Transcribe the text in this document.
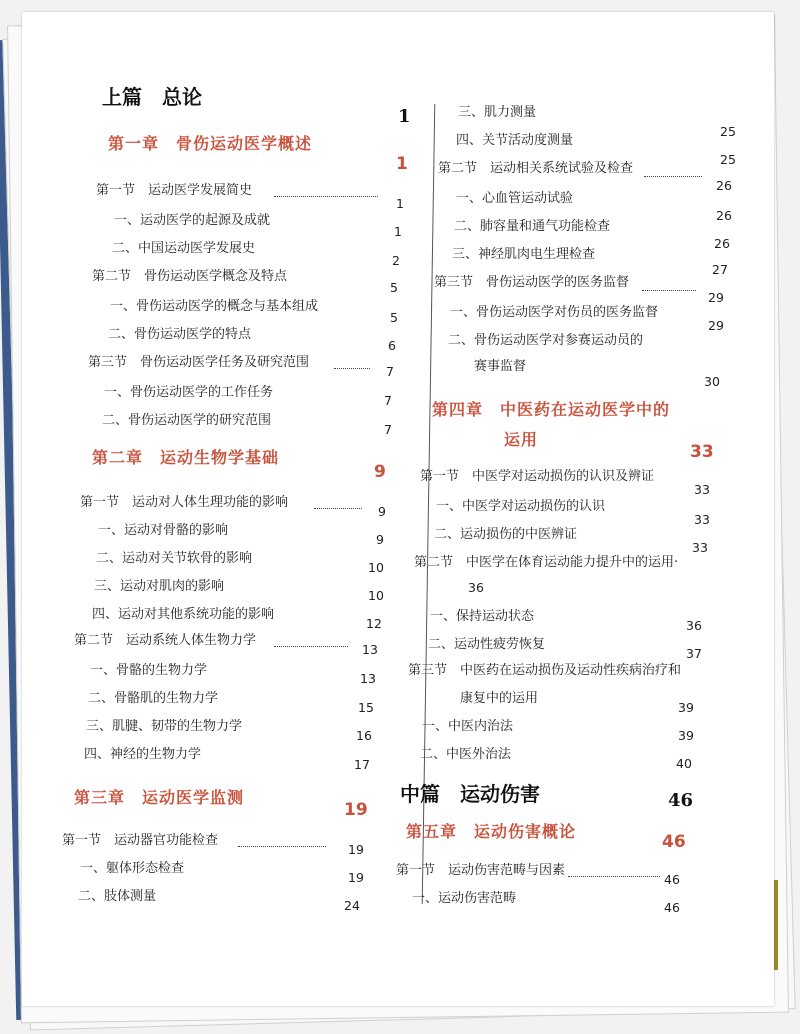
上篇　总论
1
第一章　骨伤运动医学概述
1
第一节　运动医学发展简史
1
一、运动医学的起源及成就
1
二、中国运动医学发展史
2
第二节　骨伤运动医学概念及特点
5
一、骨伤运动医学的概念与基本组成
5
二、骨伤运动医学的特点
6
第三节　骨伤运动医学任务及研究范围
7
一、骨伤运动医学的工作任务
7
二、骨伤运动医学的研究范围
7
第二章　运动生物学基础
9
第一节　运动对人体生理功能的影响
9
一、运动对骨骼的影响
9
二、运动对关节软骨的影响
10
三、运动对肌肉的影响
10
四、运动对其他系统功能的影响
12
第二节　运动系统人体生物力学
13
一、骨骼的生物力学
13
二、骨骼肌的生物力学
15
三、肌腱、韧带的生物力学
16
四、神经的生物力学
17
第三章　运动医学监测
19
第一节　运动器官功能检查
19
一、躯体形态检查
19
二、肢体测量
24
三、肌力测量
25
四、关节活动度测量
25
第二节　运动相关系统试验及检查
26
一、心血管运动试验
26
二、肺容量和通气功能检查
26
三、神经肌肉电生理检查
27
第三节　骨伤运动医学的医务监督
29
一、骨伤运动医学对伤员的医务监督
29
二、骨伤运动医学对参赛运动员的
赛事监督
30
第四章　中医药在运动医学中的
运用
33
第一节　中医学对运动损伤的认识及辨证
33
一、中医学对运动损伤的认识
33
二、运动损伤的中医辨证
33
第二节　中医学在体育运动能力提升中的运用·
36
一、保持运动状态
36
二、运动性疲劳恢复
37
第三节　中医药在运动损伤及运动性疾病治疗和
康复中的运用
39
一、中医内治法
39
二、中医外治法
40
中篇　运动伤害	46
第五章　运动伤害概论
46
第一节　运动伤害范畴与因素
46
一、运动伤害范畴
46
